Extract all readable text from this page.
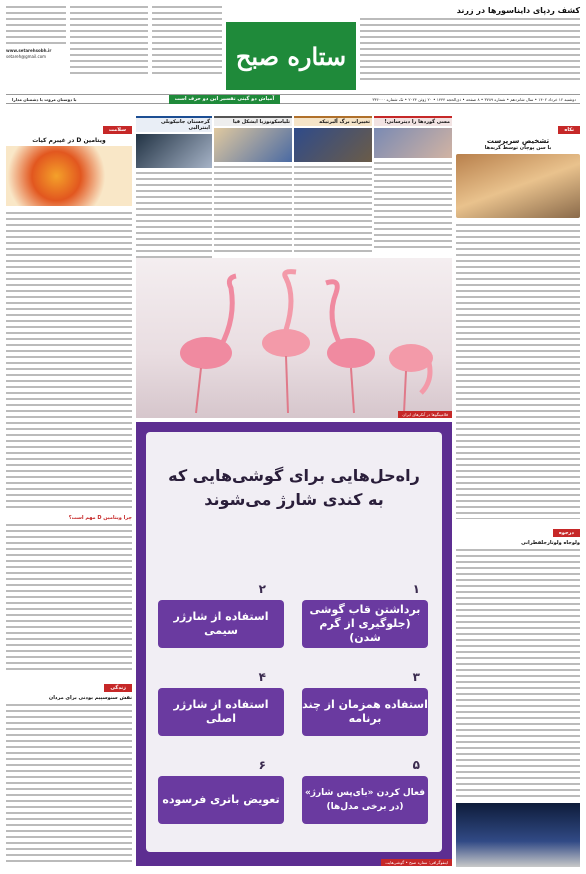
www.setarehsobh.ir
setareh@gmail.com	ستاره صبح
کشف ردپای دایناسورها در زرند
دوشنبه ۱۲ خرداد ۱۴۰۲ • سال شانزدهم • شماره ۳۷۸۹ • ۸ صفحه • ذی‌الحجه ۱۴۴۴ • ۲۰ ژوئن ۲۰۲۴ • تک شماره ۳۳۶۰۰۰
آمیاش دو گیتی تفسیر این دو حرف است
با دوستان مروت با دشمنان مدارا
مسی گوردها را دیترسانی!
تغییرات برگ آلبرتیکه
تلیاسکونوزپا ایشکل قیا
گرجستان جانیکوبلی اینترالیی	نکاه
تشخیص سرپرست
با سن پوچان توسط گربه‌ها
درجوه
ولوجاه ولوتارجلفطرانی
سلامت
ویتامین‌ D در غیبرم کیات
چرا ویتامین D مهم است؟
زندگی
نقش سنوسپیم بودنی برای مردان
فلامینگوها در آنکرهای ایران
راه‌حل‌هایی برای گوشی‌هایی که به کندی شارژ می‌شوند
۱
برداشتن قاب گوشی (جلوگیری از گرم شدن)
۲
استفاده از شارژر سیمی
۳
استفاده همزمان از چند برنامه
۴
استفاده از شارژر اصلی
۵
فعال کردن «بای‌پس شارژ» (در برخی مدل‌ها)
۶
تعویض باتری فرسوده
اینفوگرافی: ستاره صبح • گوشی‌هایت
